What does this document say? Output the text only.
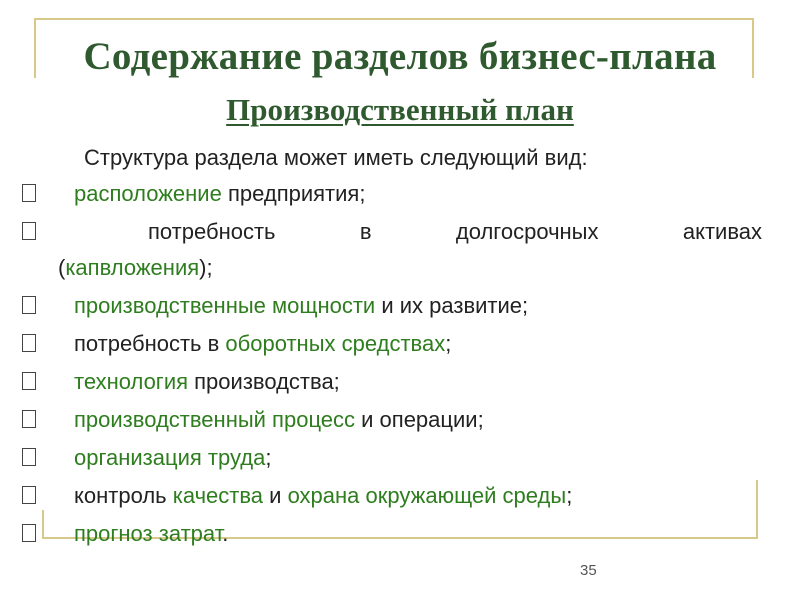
Содержание разделов бизнес-плана
Производственный план
Структура раздела может иметь следующий вид:
расположение предприятия;
потребность	в	долгосрочных	активах
(капвложения);
производственные мощности и их развитие;
потребность в оборотных средствах;
технология производства;
производственный процесс и операции;
организация труда;
контроль качества и охрана окружающей среды;
прогноз затрат.
35
